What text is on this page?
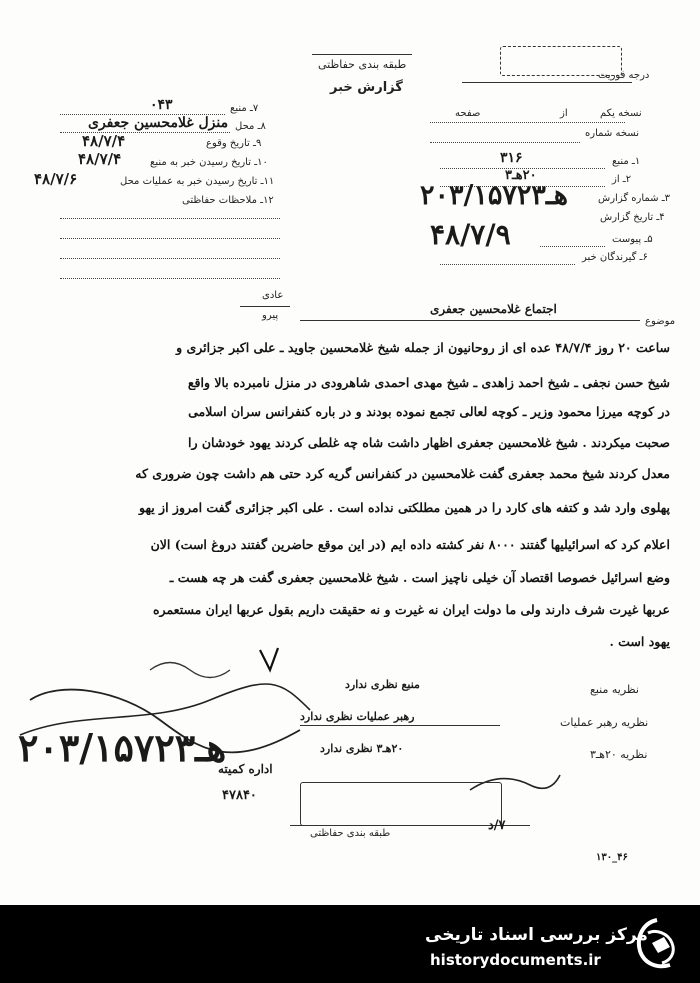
طبقه بندی حفاظتی
گزارش خبر
درجه فوریت
نسخه یکم
از
صفحه
نسخه شماره
۱ـ منبع
۳۱۶
۲ـ از
۲۰هـ۳
۳ـ شماره گزارش
۲۰هـ۳/۱۵۷۲۳
۴ـ تاریخ گزارش
۴۸/۷/۹	۵ـ پیوست
۶ـ گیرندگان خبر
۷ـ منبع
۰۴۳
۸ـ محل
منزل غلامحسین جعفری
۹ـ تاریخ وقوع
۴۸/۷/۴
۱۰ـ تاریخ رسیدن خبر به منبع
۴۸/۷/۴
۱۱ـ تاریخ رسیدن خبر به عملیات محل
۴۸/۷/۶
۱۲ـ ملاحظات حفاظتی
عادی
پیرو
موضوع
اجتماع غلامحسین جعفری
ساعت ۲۰ روز ۴۸/۷/۴ عده ای از روحانیون از جمله شیخ غلامحسین جاوید ـ علی اکبر جزائری و
شیخ حسن نجفی ـ شیخ احمد زاهدی ـ شیخ مهدی احمدی شاهرودی در منزل نامبرده بالا واقع
در کوچه میرزا محمود وزیر ـ کوچه لعالی تجمع نموده بودند و در باره کنفرانس سران اسلامی
صحبت میکردند . شیخ غلامحسین جعفری اظهار داشت شاه چه غلطی کردند یهود خودشان را
معدل کردند شیخ محمد جعفری گفت غلامحسین در کنفرانس گریه کرد حتی هم داشت چون ضروری که
پهلوی وارد شد و کتفه های کارد را در همین مطلکتی نداده است . علی اکبر جزائری گفت امروز از یهو
اعلام کرد که اسرائیلیها گفتند ۸۰۰۰ نفر کشته داده ایم (در این موقع حاضرین گفتند دروغ است) الان
وضع اسرائیل خصوصا اقتصاد آن خیلی ناچیز است . شیخ غلامحسین جعفری گفت هر چه هست ـ
عربها غیرت شرف دارند ولی ما دولت ایران نه غیرت و نه حقیقت داریم بقول عربها ایران مستعمره
یهود است .
نظریه منبع
منبع نظری ندارد
نظریه رهبر عملیات
رهبر عملیات نظری ندارد
نظریه ۲۰هـ۳
۲۰هـ۳ نظری ندارد
۲۰هـ۳/۱۵۷۲۳
اداره کمیته
۴۷۸۴۰
طبقه بندی حفاظتی
۷/د
۴۶_۱۳۰
مرکز بررسی اسناد تاریخی
historydocuments.ir
